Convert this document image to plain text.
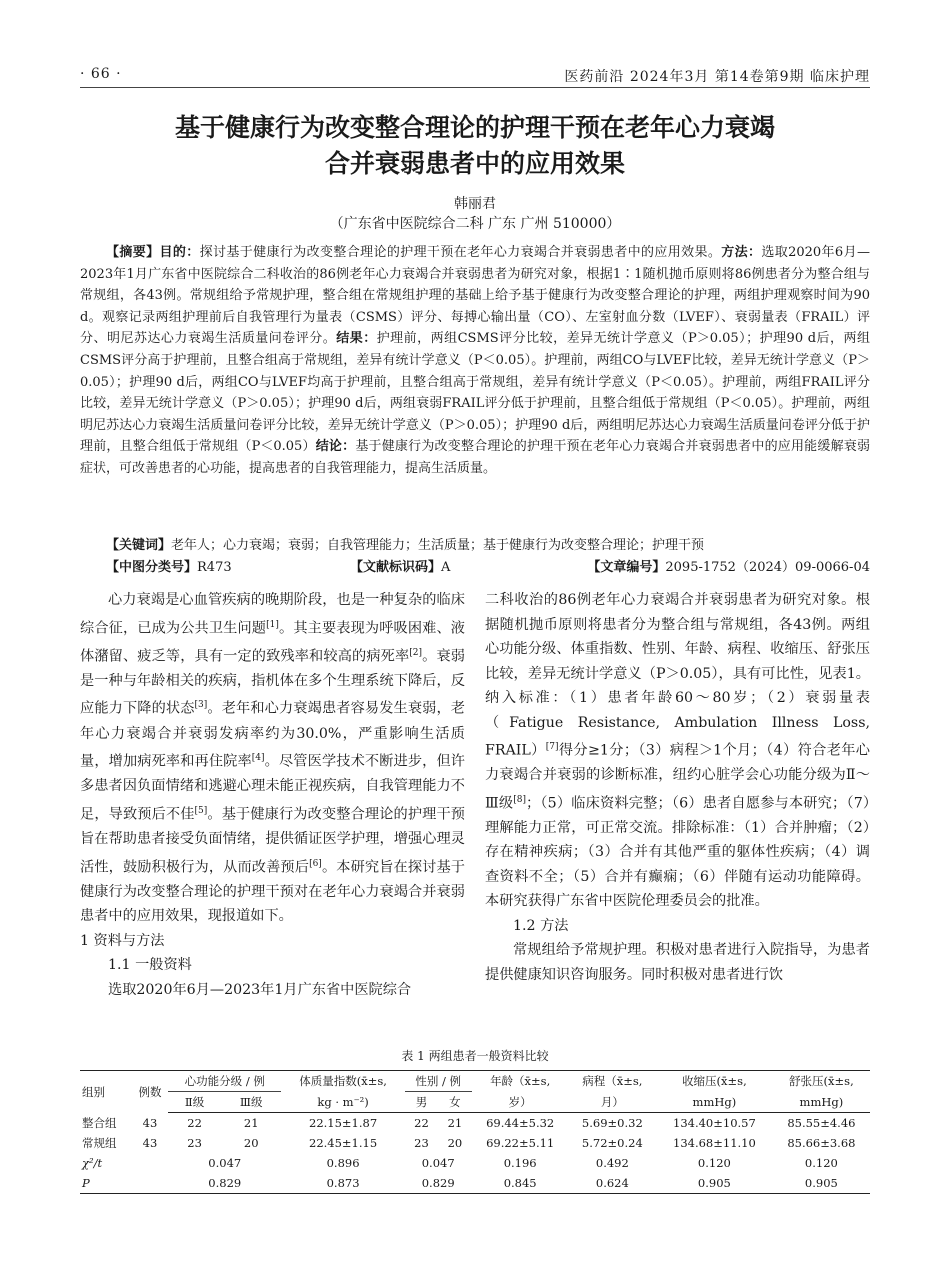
· 66 ·	医药前沿 2024年3月 第14卷第9期 临床护理
基于健康行为改变整合理论的护理干预在老年心力衰竭
合并衰弱患者中的应用效果
韩丽君
（广东省中医院综合二科 广东 广州 510000）
【摘要】目的：探讨基于健康行为改变整合理论的护理干预在老年心力衰竭合并衰弱患者中的应用效果。方法：选取2020年6月—2023年1月广东省中医院综合二科收治的86例老年心力衰竭合并衰弱患者为研究对象，根据1∶1随机抛币原则将86例患者分为整合组与常规组，各43例。常规组给予常规护理，整合组在常规组护理的基础上给予基于健康行为改变整合理论的护理，两组护理观察时间为90 d。观察记录两组护理前后自我管理行为量表（CSMS）评分、每搏心输出量（CO）、左室射血分数（LVEF）、衰弱量表（FRAIL）评分、明尼苏达心力衰竭生活质量问卷评分。结果：护理前，两组CSMS评分比较，差异无统计学意义（P＞0.05）；护理90 d后，两组CSMS评分高于护理前，且整合组高于常规组，差异有统计学意义（P＜0.05）。护理前，两组CO与LVEF比较，差异无统计学意义（P＞0.05）；护理90 d后，两组CO与LVEF均高于护理前，且整合组高于常规组，差异有统计学意义（P＜0.05）。护理前，两组FRAIL评分比较，差异无统计学意义（P＞0.05）；护理90 d后，两组衰弱FRAIL评分低于护理前，且整合组低于常规组（P＜0.05）。护理前，两组明尼苏达心力衰竭生活质量问卷评分比较，差异无统计学意义（P＞0.05）；护理90 d后，两组明尼苏达心力衰竭生活质量问卷评分低于护理前，且整合组低于常规组（P＜0.05）结论：基于健康行为改变整合理论的护理干预在老年心力衰竭合并衰弱患者中的应用能缓解衰弱症状，可改善患者的心功能，提高患者的自我管理能力，提高生活质量。
【关键词】老年人；心力衰竭；衰弱；自我管理能力；生活质量；基于健康行为改变整合理论；护理干预
【中图分类号】R473	【文献标识码】A	【文章编号】2095-1752（2024）09-0066-04

心力衰竭是心血管疾病的晚期阶段，也是一种复杂的临床综合征，已成为公共卫生问题[1]。其主要表现为呼吸困难、液体潴留、疲乏等，具有一定的致残率和较高的病死率[2]。衰弱是一种与年龄相关的疾病，指机体在多个生理系统下降后，反应能力下降的状态[3]。老年和心力衰竭患者容易发生衰弱，老年心力衰竭合并衰弱发病率约为30.0%，严重影响生活质量，增加病死率和再住院率[4]。尽管医学技术不断进步，但许多患者因负面情绪和逃避心理未能正视疾病，自我管理能力不足，导致预后不佳[5]。基于健康行为改变整合理论的护理干预旨在帮助患者接受负面情绪，提供循证医学护理，增强心理灵活性，鼓励积极行为，从而改善预后[6]。本研究旨在探讨基于健康行为改变整合理论的护理干预对在老年心力衰竭合并衰弱患者中的应用效果，现报道如下。

1 资料与方法

1.1 一般资料

选取2020年6月—2023年1月广东省中医院综合

二科收治的86例老年心力衰竭合并衰弱患者为研究对象。根据随机抛币原则将患者分为整合组与常规组，各43例。两组心功能分级、体重指数、性别、年龄、病程、收缩压、舒张压比较，差异无统计学意义（P＞0.05），具有可比性，见表1。纳入标准：（1）患者年龄60～80岁；（2）衰弱量表（Fatigue Resistance, Ambulation Illness Loss, FRAIL）[7]得分≥1分；（3）病程＞1个月；（4）符合老年心力衰竭合并衰弱的诊断标准，纽约心脏学会心功能分级为Ⅱ～Ⅲ级[8]；（5）临床资料完整；（6）患者自愿参与本研究；（7）理解能力正常，可正常交流。排除标准：（1）合并肿瘤；（2）存在精神疾病；（3）合并有其他严重的躯体性疾病；（4）调查资料不全；（5）合并有癫痫；（6）伴随有运动功能障碍。本研究获得广东省中医院伦理委员会的批准。

1.2 方法

常规组给予常规护理。积极对患者进行入院指导，为患者提供健康知识咨询服务。同时积极对患者进行饮

表 1 两组患者一般资料比较
组别	例数	心功能分级 / 例		体质量指数(x̄±s,	性别 / 例		年龄（x̄±s,	病程（x̄±s,	收缩压(x̄±s,	舒张压(x̄±s,
		Ⅱ级	Ⅲ级	kg · m⁻²)	男	女	岁）	月）	mmHg)	mmHg)
整合组	43	22	21	22.15±1.87	22	21	69.44±5.32	5.69±0.32	134.40±10.57	85.55±4.46
常规组	43	23	20	22.45±1.15	23	20	69.22±5.11	5.72±0.24	134.68±11.10	85.66±3.68
χ²/t		0.047		0.896	0.047		0.196	0.492	0.120	0.120
P		0.829		0.873	0.829		0.845	0.624	0.905	0.905
